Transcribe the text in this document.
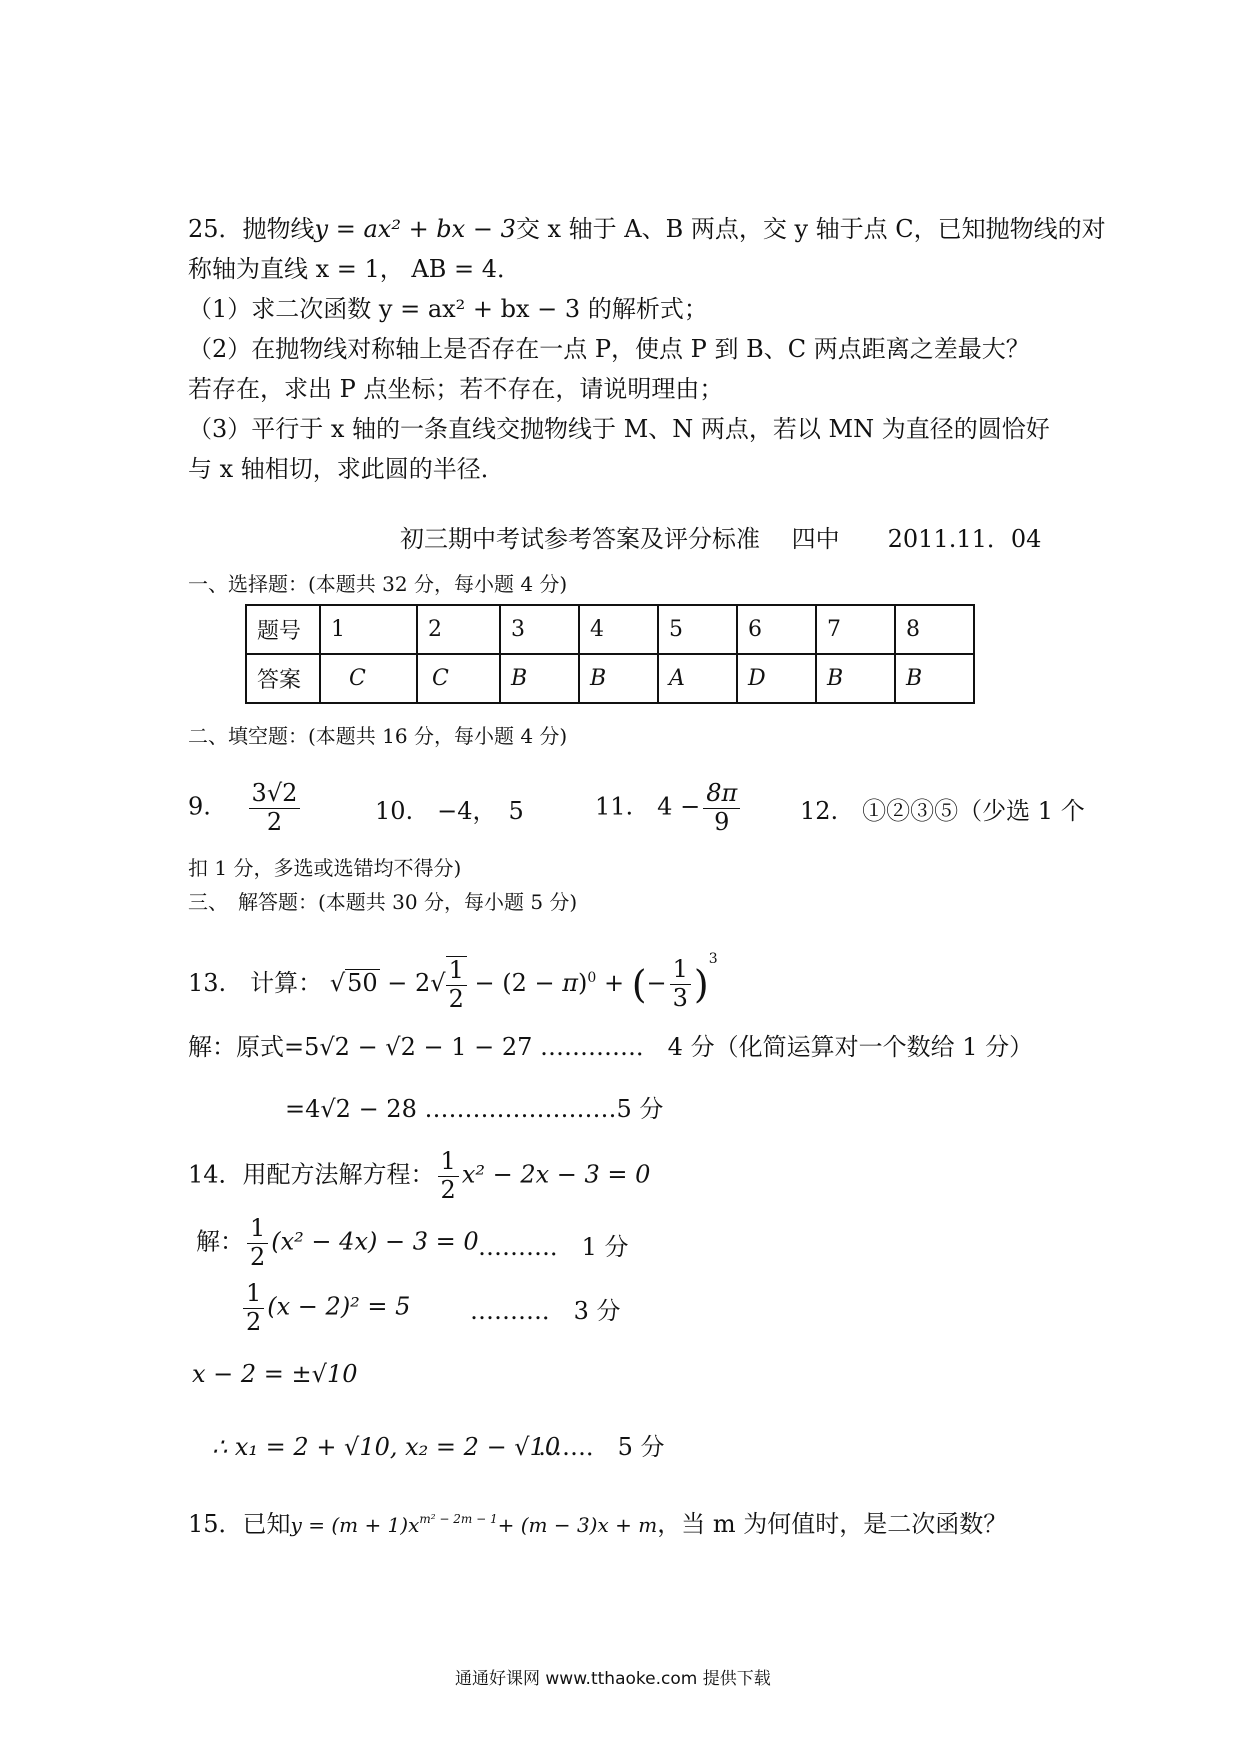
25．抛物线y = ax² + bx − 3交 x 轴于 A、B 两点，交 y 轴于点 C，已知抛物线的对
称轴为直线 x = 1， AB = 4．
（1）求二次函数 y = ax² + bx − 3 的解析式；
（2）在抛物线对称轴上是否存在一点 P，使点 P 到 B、C 两点距离之差最大？
若存在，求出 P 点坐标；若不存在，请说明理由；
（3）平行于 x 轴的一条直线交抛物线于 M、N 两点，若以 MN 为直径的圆恰好
与 x 轴相切，求此圆的半径．
初三期中考试参考答案及评分标准　 四中　　2011.11．04
一、选择题：(本题共 32 分，每小题 4 分)
题号	1	2	3	4	5	6	7	8
答案	C	C	B	B	A	D	B	B
二、填空题：(本题共 16 分，每小题 4 分)
9. $\frac{3√2}{2}$	10.　−4，　5	11.　$4 - \frac{8\pi}{9} 12$.　①②③⑤（少选 1 个
扣 1 分，多选或选错均不得分)
三、　解答题：(本题共 30 分，每小题 5 分)
13.　计算： $√50 - 2√ \frac{1}{2} - (2 - \pi)^0$ + (− $\frac{1}{3} )^3$
解：原式=5√2 − √2 − 1 − 27 …………． 4 分（化简运算对一个数给 1 分）
=4√2 − 28 ……………………5 分
14．用配方法解方程： $\frac{1}{2} x^2 - 2x - 3 = 0$
解： $\frac{1}{2} (x^2 - 4x) - 3 = 0$ ………． 1 分
$\frac{1}{2} (x - 2)^2 = 5$ ………． 3 分
x − 2 = ±√10
∴ x₁ = 2 + √10, x₂ = 2 − √10
……． 5 分
15．已知$y = (m + 1)x^{m^2 - 2m - 1}+ (m - 3)x + m$，当 m 为何值时，是二次函数？
通通好课网 www.tthaoke.com 提供下载
